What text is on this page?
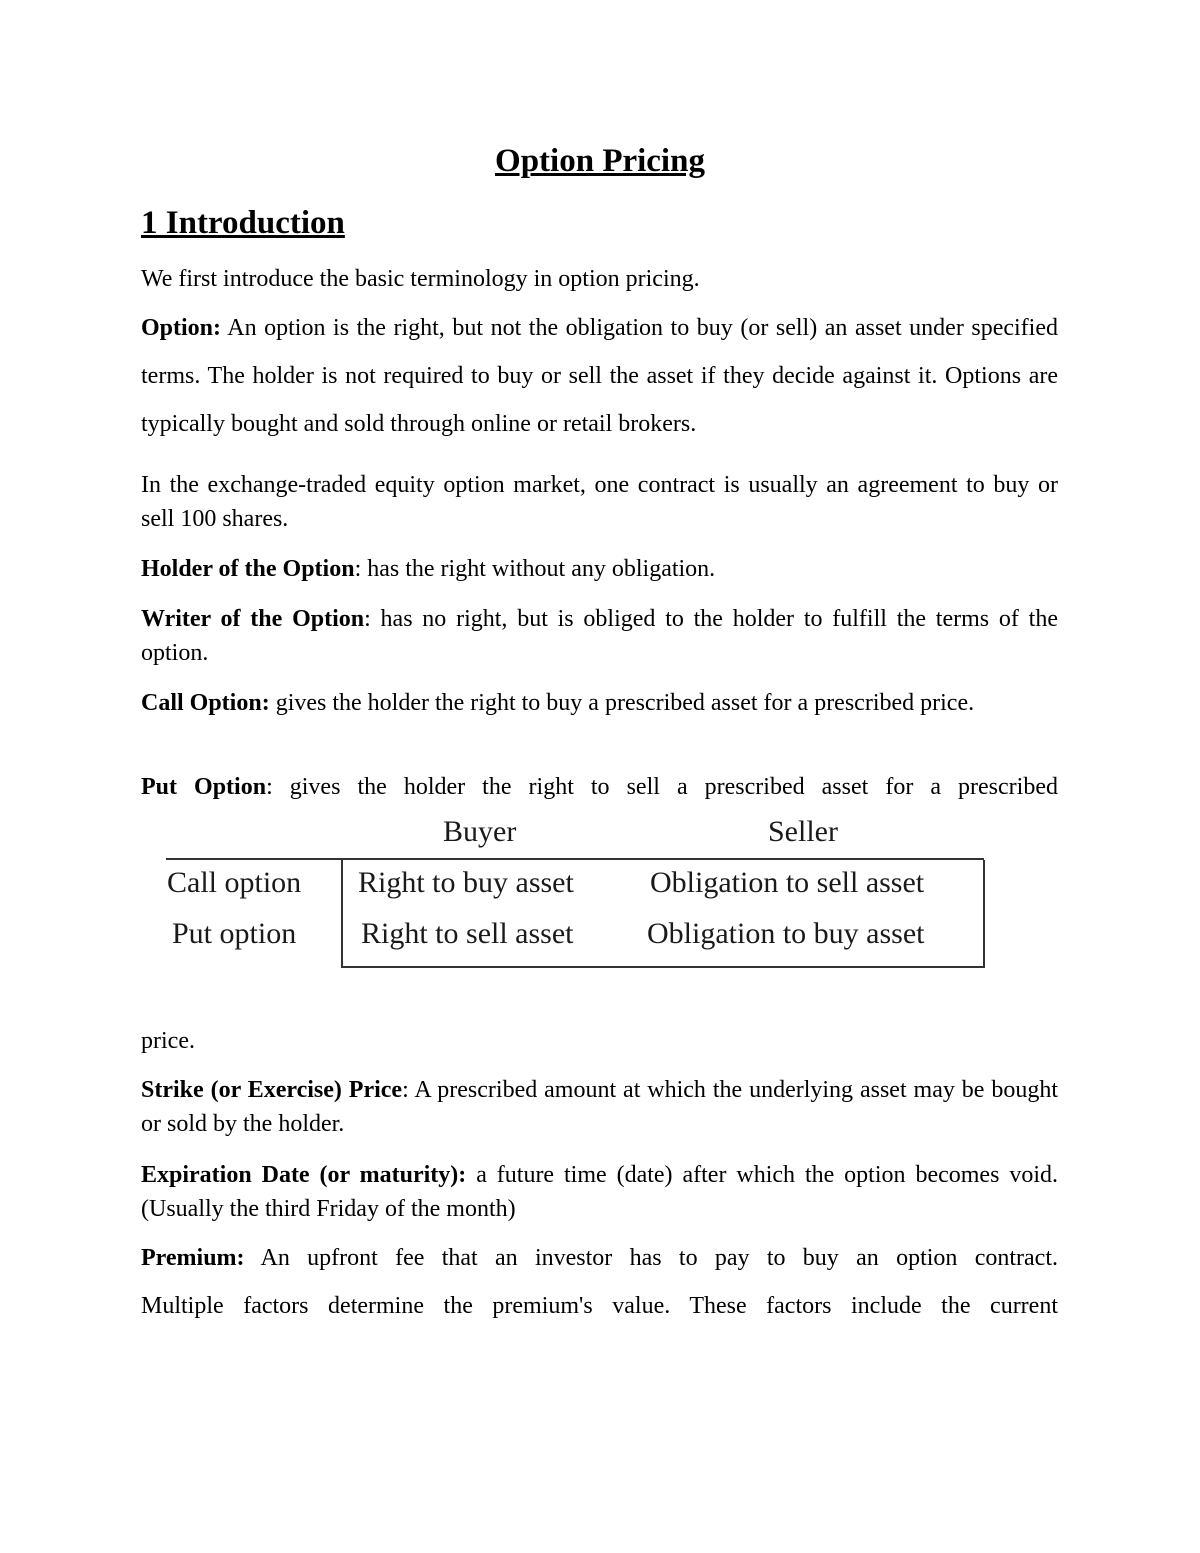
Option Pricing
1 Introduction

We first introduce the basic terminology in option pricing.

Option: An option is the right, but not the obligation to buy (or sell) an asset under specified terms. The holder is not required to buy or sell the asset if they decide against it. Options are typically bought and sold through online or retail brokers.

In the exchange-traded equity option market, one contract is usually an agreement to buy or sell 100 shares.

Holder of the Option: has the right without any obligation.

Writer of the Option: has no right, but is obliged to the holder to fulfill the terms of the option.

Call Option: gives the holder the right to buy a prescribed asset for a prescribed price.

Put Option: gives the holder the right to sell a prescribed asset for a prescribed

Buyer	Seller
Call option Right to buy asset	Obligation to sell asset
Put option Right to sell asset Obligation to buy asset

price.

Strike (or Exercise) Price: A prescribed amount at which the underlying asset may be bought or sold by the holder.

Expiration Date (or maturity): a future time (date) after which the option becomes void. (Usually the third Friday of the month)

Premium: An upfront fee that an investor has to pay to buy an option contract.

Multiple factors determine the premium's value. These factors include the current
